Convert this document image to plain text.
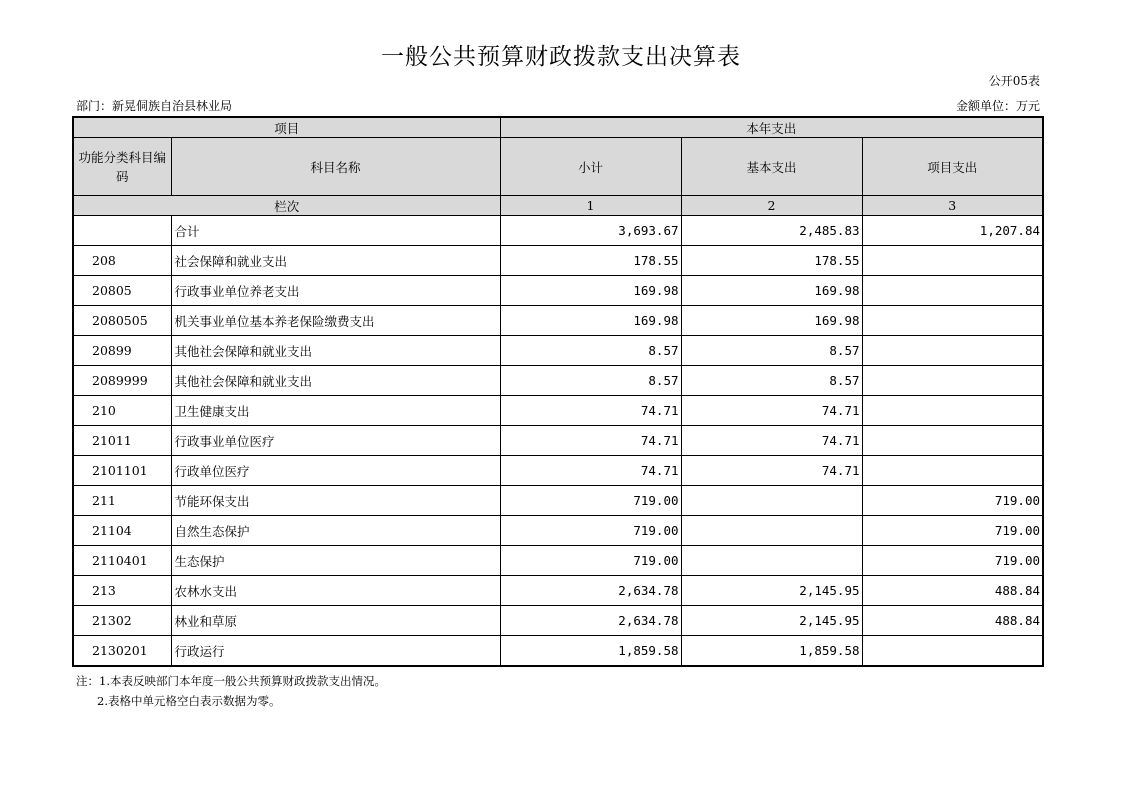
一般公共预算财政拨款支出决算表
公开05表
部门：新晃侗族自治县林业局	金额单位：万元
项目		本年支出		
功能分类科目编码	科目名称	小计	基本支出	项目支出
栏次		1	2	3
	合计	3,693.67	2,485.83	1,207.84
208	社会保障和就业支出	178.55	178.55	
20805	行政事业单位养老支出	169.98	169.98	
2080505	机关事业单位基本养老保险缴费支出	169.98	169.98	
20899	其他社会保障和就业支出	8.57	8.57	
2089999	其他社会保障和就业支出	8.57	8.57	
210	卫生健康支出	74.71	74.71	
21011	行政事业单位医疗	74.71	74.71	
2101101	行政单位医疗	74.71	74.71	
211	节能环保支出	719.00		719.00
21104	自然生态保护	719.00		719.00
2110401	生态保护	719.00		719.00
213	农林水支出	2,634.78	2,145.95	488.84
21302	林业和草原	2,634.78	2,145.95	488.84
2130201	行政运行	1,859.58	1,859.58	
注：1.本表反映部门本年度一般公共预算财政拨款支出情况。
2.表格中单元格空白表示数据为零。
